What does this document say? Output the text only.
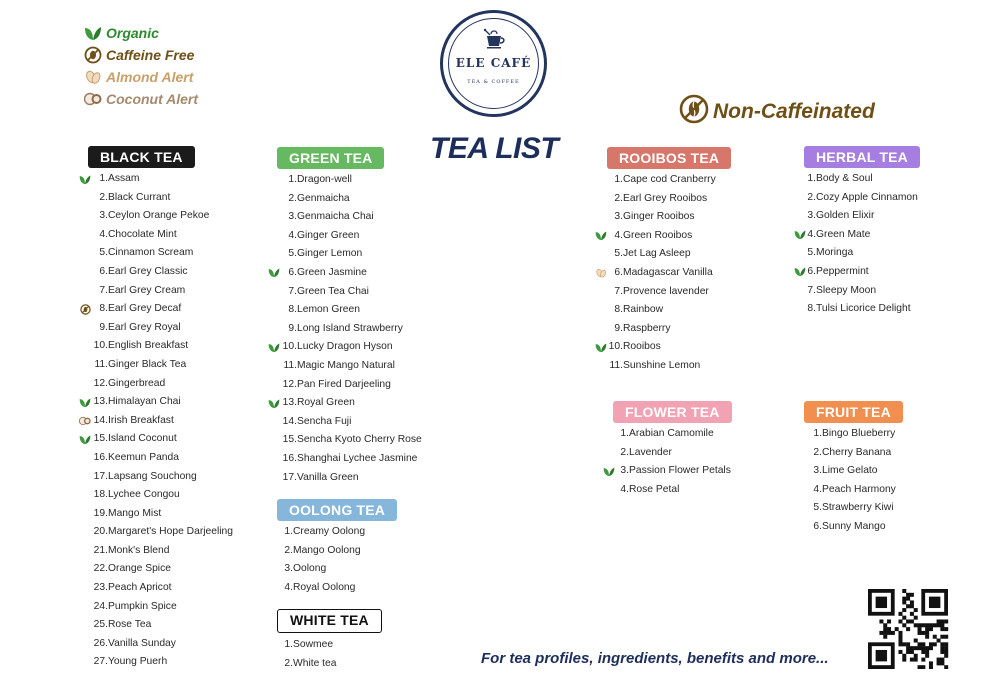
Organic
Caffeine Free
Almond Alert
Coconut Alert
ELE CAFÉ
TEA & COFFEE
TEA LIST
Non-Caffeinated
BLACK TEA
1.Assam
2.Black Currant
3.Ceylon Orange Pekoe
4.Chocolate Mint
5.Cinnamon Scream
6.Earl Grey Classic
7.Earl Grey Cream
8.Earl Grey Decaf
9.Earl Grey Royal
10.English Breakfast
11.Ginger Black Tea
12.Gingerbread
13.Himalayan Chai
14.Irish Breakfast
15.Island Coconut
16.Keemun Panda
17.Lapsang Souchong
18.Lychee Congou
19.Mango Mist
20.Margaret's Hope Darjeeling
21.Monk's Blend
22.Orange Spice
23.Peach Apricot
24.Pumpkin Spice
25.Rose Tea
26.Vanilla Sunday
27.Young Puerh
GREEN TEA
1.Dragon-well
2.Genmaicha
3.Genmaicha Chai
4.Ginger Green
5.Ginger Lemon
6.Green Jasmine
7.Green Tea Chai
8.Lemon Green
9.Long Island Strawberry
10.Lucky Dragon Hyson
11.Magic Mango Natural
12.Pan Fired Darjeeling
13.Royal Green
14.Sencha Fuji
15.Sencha Kyoto Cherry Rose
16.Shanghai Lychee Jasmine
17.Vanilla Green
OOLONG TEA
1.Creamy Oolong
2.Mango Oolong
3.Oolong
4.Royal Oolong
WHITE TEA
1.Sowmee
2.White tea
ROOIBOS TEA
1.Cape cod Cranberry
2.Earl Grey Rooibos
3.Ginger Rooibos
4.Green Rooibos
5.Jet Lag Asleep
6.Madagascar Vanilla
7.Provence lavender
8.Rainbow
9.Raspberry
10.Rooibos
11.Sunshine Lemon
HERBAL TEA
1.Body & Soul
2.Cozy Apple Cinnamon
3.Golden Elixir
4.Green Mate
5.Moringa
6.Peppermint
7.Sleepy Moon
8.Tulsi Licorice Delight
FLOWER TEA
1.Arabian Camomile
2.Lavender
3.Passion Flower Petals
4.Rose Petal
FRUIT TEA
1.Bingo Blueberry
2.Cherry Banana
3.Lime Gelato
4.Peach Harmony
5.Strawberry Kiwi
6.Sunny Mango
For tea profiles, ingredients, benefits and more...
